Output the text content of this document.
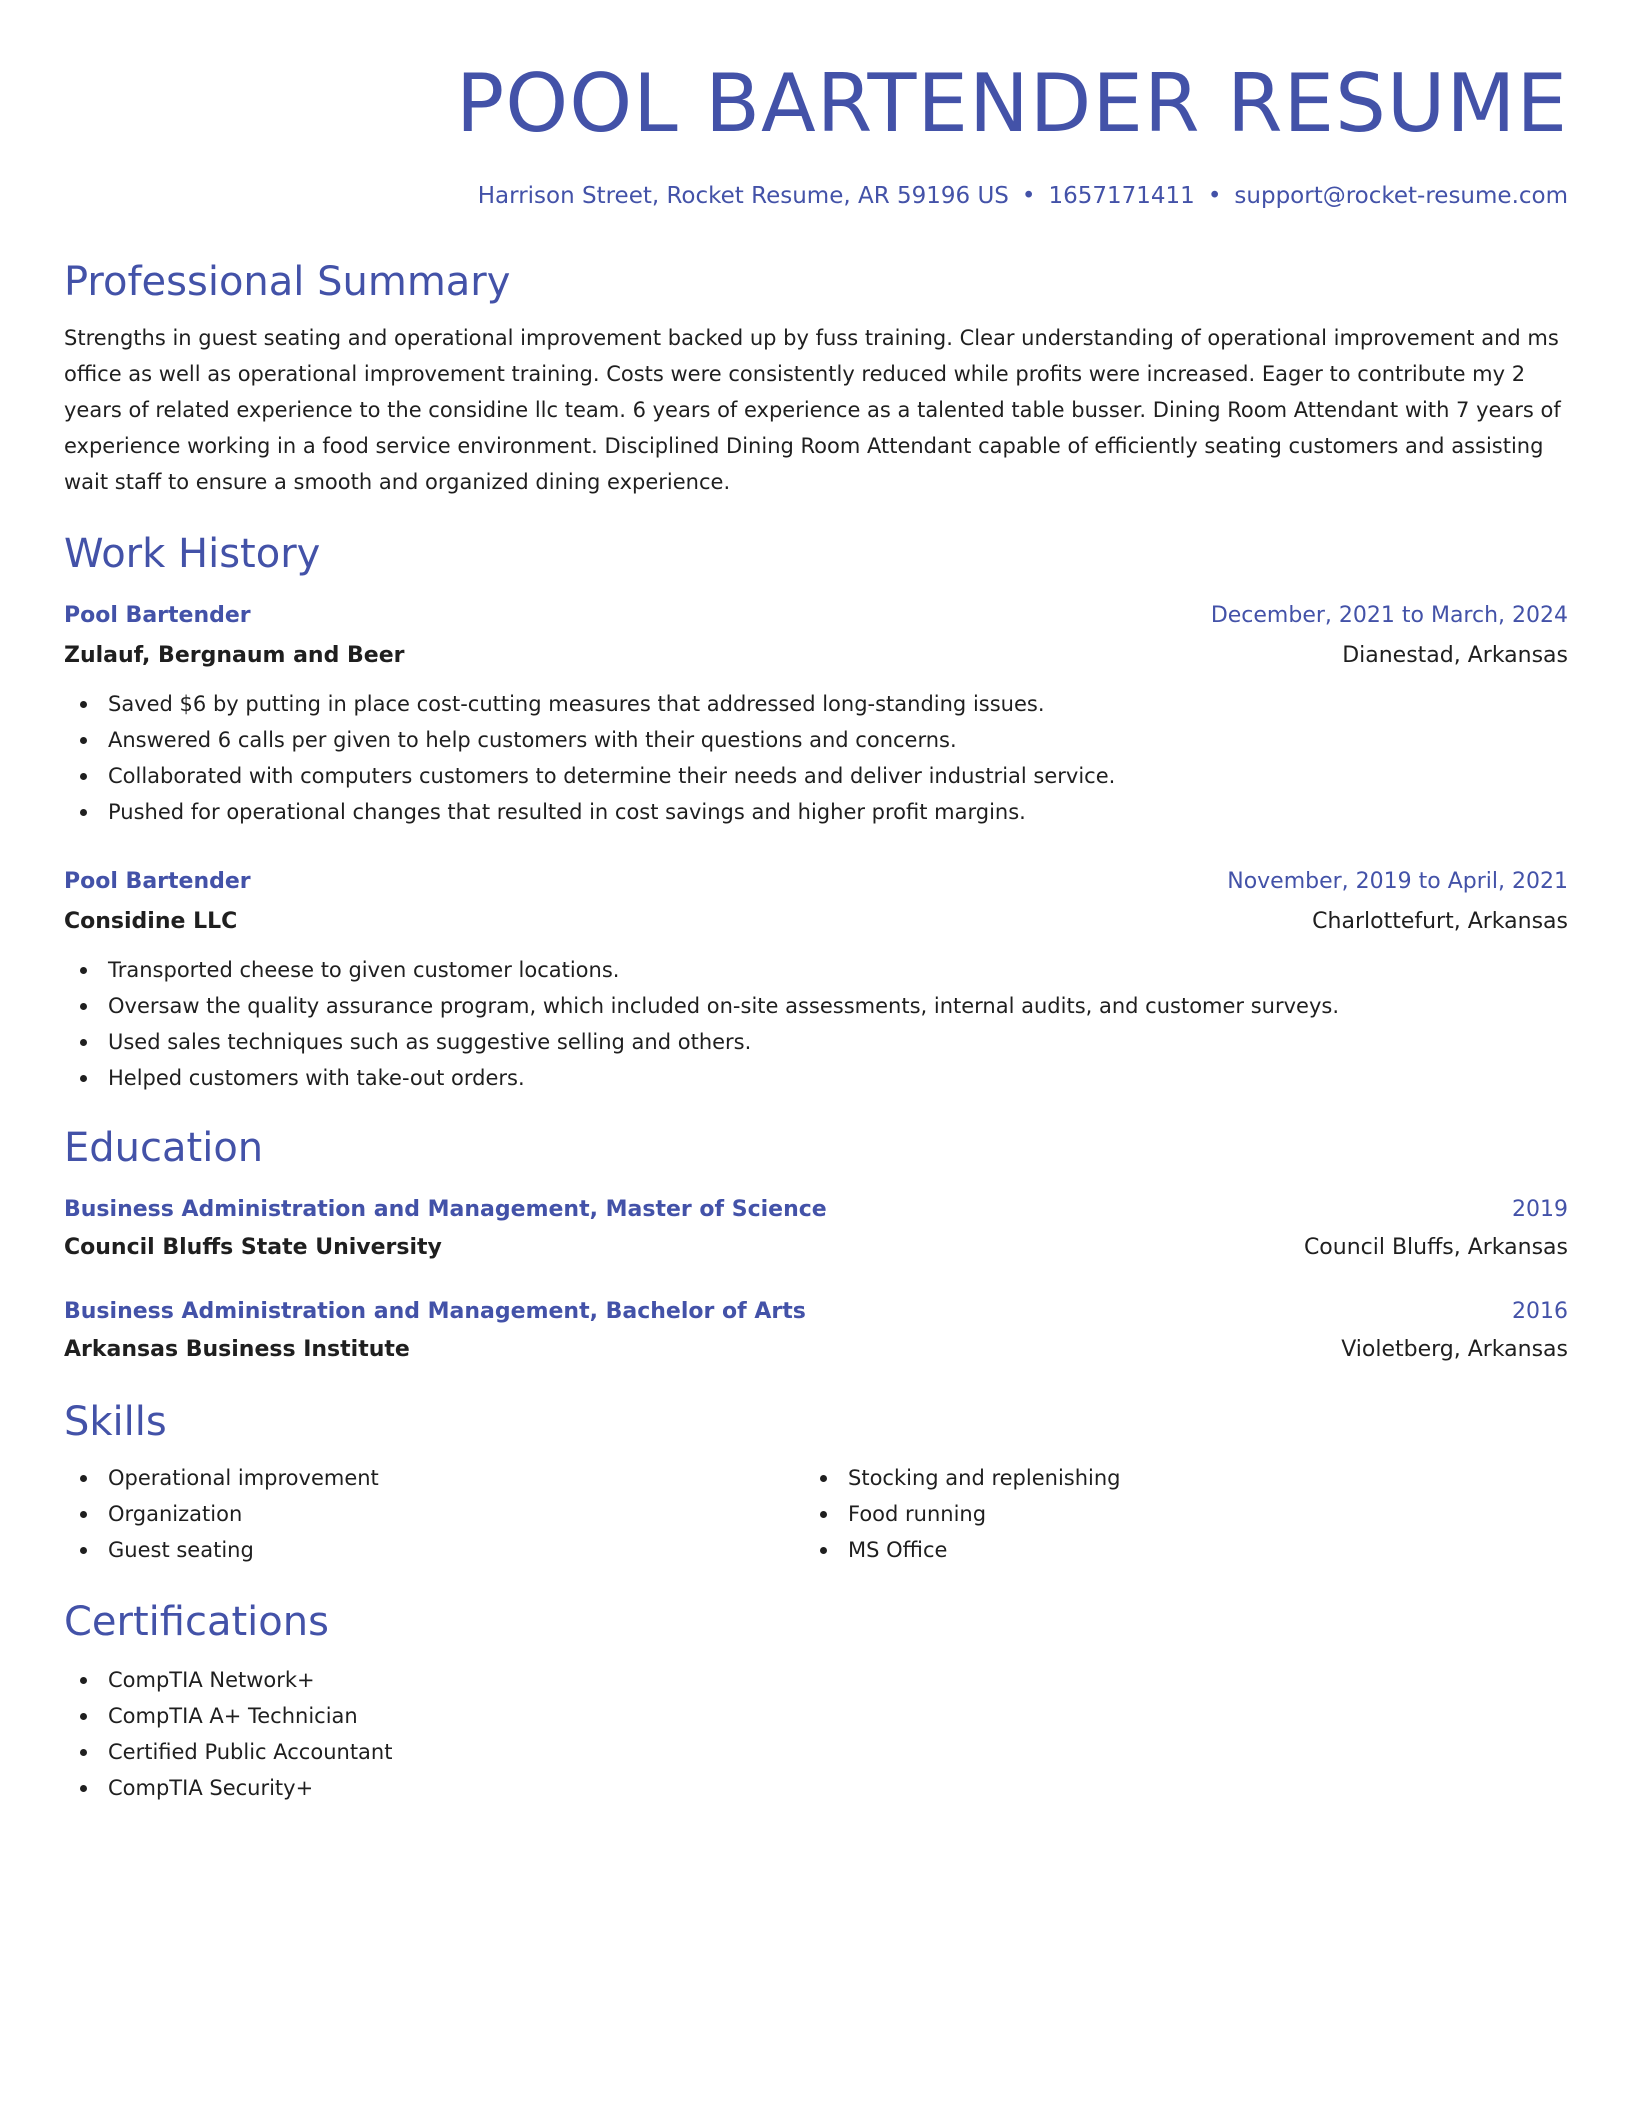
POOL BARTENDER RESUME
Harrison Street, Rocket Resume, AR 59196 US • 1657171411 • support@rocket-resume.com
Professional Summary
Strengths in guest seating and operational improvement backed up by fuss training. Clear understanding of operational improvement and ms office as well as operational improvement training. Costs were consistently reduced while profits were increased. Eager to contribute my 2 years of related experience to the considine llc team. 6 years of experience as a talented table busser. Dining Room Attendant with 7 years of experience working in a food service environment. Disciplined Dining Room Attendant capable of efficiently seating customers and assisting wait staff to ensure a smooth and organized dining experience.
Work History
Pool Bartender	December, 2021 to March, 2024
Zulauf, Bergnaum and Beer	Dianestad, Arkansas
Saved $6 by putting in place cost-cutting measures that addressed long-standing issues.
Answered 6 calls per given to help customers with their questions and concerns.
Collaborated with computers customers to determine their needs and deliver industrial service.
Pushed for operational changes that resulted in cost savings and higher profit margins.
Pool Bartender	November, 2019 to April, 2021
Considine LLC	Charlottefurt, Arkansas
Transported cheese to given customer locations.
Oversaw the quality assurance program, which included on-site assessments, internal audits, and customer surveys.
Used sales techniques such as suggestive selling and others.
Helped customers with take-out orders.
Education
Business Administration and Management, Master of Science	2019
Council Bluffs State University	Council Bluffs, Arkansas
Business Administration and Management, Bachelor of Arts	2016
Arkansas Business Institute	Violetberg, Arkansas
Skills
Operational improvement
Organization
Guest seating
Stocking and replenishing
Food running
MS Office
Certifications
CompTIA Network+
CompTIA A+ Technician
Certified Public Accountant
CompTIA Security+
